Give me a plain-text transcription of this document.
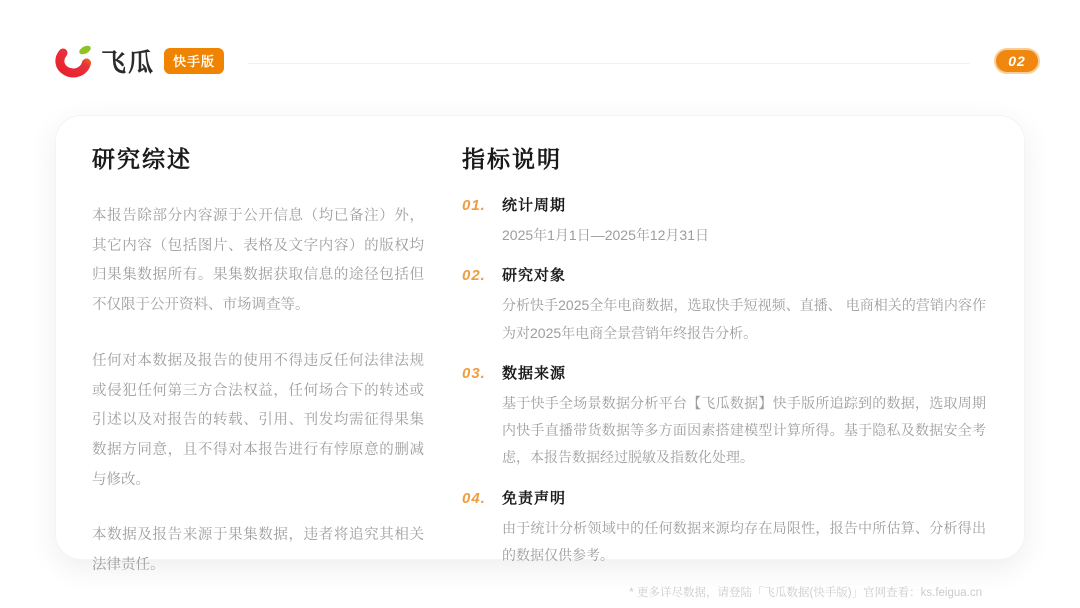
飞瓜	快手版	02
研究综述

本报告除部分内容源于公开信息（均已备注）外，其它内容（包括图片、表格及文字内容）的版权均归果集数据所有。果集数据获取信息的途径包括但不仅限于公开资料、市场调查等。

任何对本数据及报告的使用不得违反任何法律法规或侵犯任何第三方合法权益，任何场合下的转述或引述以及对报告的转载、引用、刊发均需征得果集数据方同意，且不得对本报告进行有悖原意的删减与修改。

本数据及报告来源于果集数据，违者将追究其相关法律责任。

指标说明
01.	统计周期
2025年1月1日—2025年12月31日
02.	研究对象
分析快手2025全年电商数据，选取快手短视频、直播、 电商相关的营销内容作为对2025年电商全景营销年终报告分析。
03.	数据来源
基于快手全场景数据分析平台【飞瓜数据】快手版所追踪到的数据，选取周期内快手直播带货数据等多方面因素搭建模型计算所得。基于隐私及数据安全考虑，本报告数据经过脱敏及指数化处理。
04.	免责声明
由于统计分析领域中的任何数据来源均存在局限性，报告中所估算、分析得出的数据仅供参考。
* 更多详尽数据，请登陆「飞瓜数据(快手版)」官网查看：ks.feigua.cn
